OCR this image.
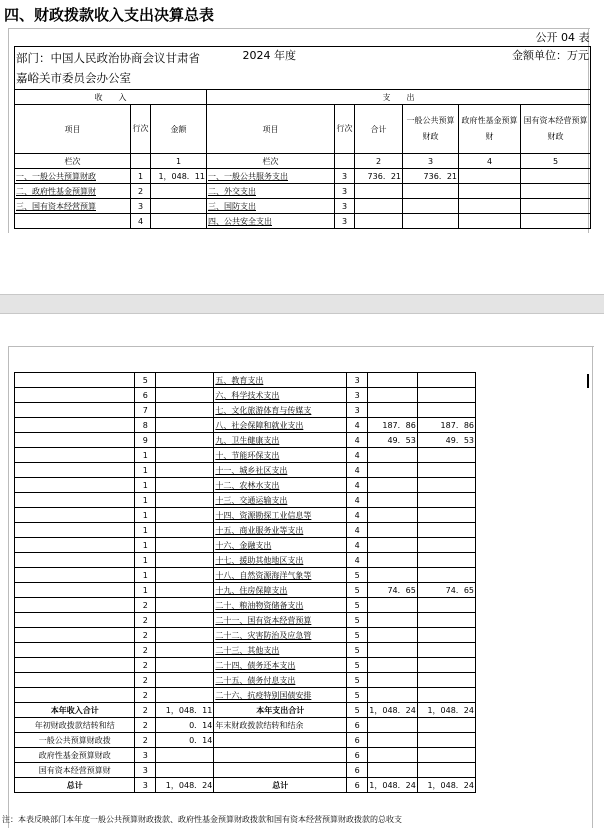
四、财政拨款收入支出决算总表
公开 04 表								
部门：中国人民政治协商会议甘肃省嘉峪关市委员会办公室			2024 年度		金额单位：万元			
收　　入			支　　出					
项目	行次	金额	项目	行次	合计	一般公共预算财政	政府性基金预算财	国有资本经营预算财政
栏次		1	栏次		2	3	4	5
一、一般公共预算财政	1	1，048．11	一、一般公共服务支出	3	736．21	736．21		
二、政府性基金预算财	2		二、外交支出	3				
三、国有资本经营预算	3		三、国防支出	3				
	4		四、公共安全支出	3				
	5		五、教育支出	3		
	6		六、科学技术支出	3		
	7		七、文化旅游体育与传媒支	3		
	8		八、社会保障和就业支出	4	187．86	187．86
	9		九、卫生健康支出	4	49．53	49．53
	1		十、节能环保支出	4		
	1		十一、城乡社区支出	4		
	1		十二、农林水支出	4		
	1		十三、交通运输支出	4		
	1		十四、资源勘探工业信息等	4		
	1		十五、商业服务业等支出	4		
	1		十六、金融支出	4		
	1		十七、援助其他地区支出	4		
	1		十八、自然资源海洋气象等	5		
	1		十九、住房保障支出	5	74．65	74．65
	2		二十、粮油物资储备支出	5		
	2		二十一、国有资本经营预算	5		
	2		二十二、灾害防治及应急管	5		
	2		二十三、其他支出	5		
	2		二十四、债务还本支出	5		
	2		二十五、债务付息支出	5		
	2		二十六、抗疫特别国债安排	5		
本年收入合计	2	1，048．11	本年支出合计	5	1，048．24	1，048．24
年初财政拨款结转和结	2	0．14	年末财政拨款结转和结余	6		
一般公共预算财政拨	2	0．14		6		
政府性基金预算财政	3			6		
国有资本经营预算财	3			6		
总计	3	1，048．24	总计	6	1，048．24	1，048．24
注：本表反映部门本年度一般公共预算财政拨款、政府性基金预算财政拨款和国有资本经营预算财政拨款的总收支
